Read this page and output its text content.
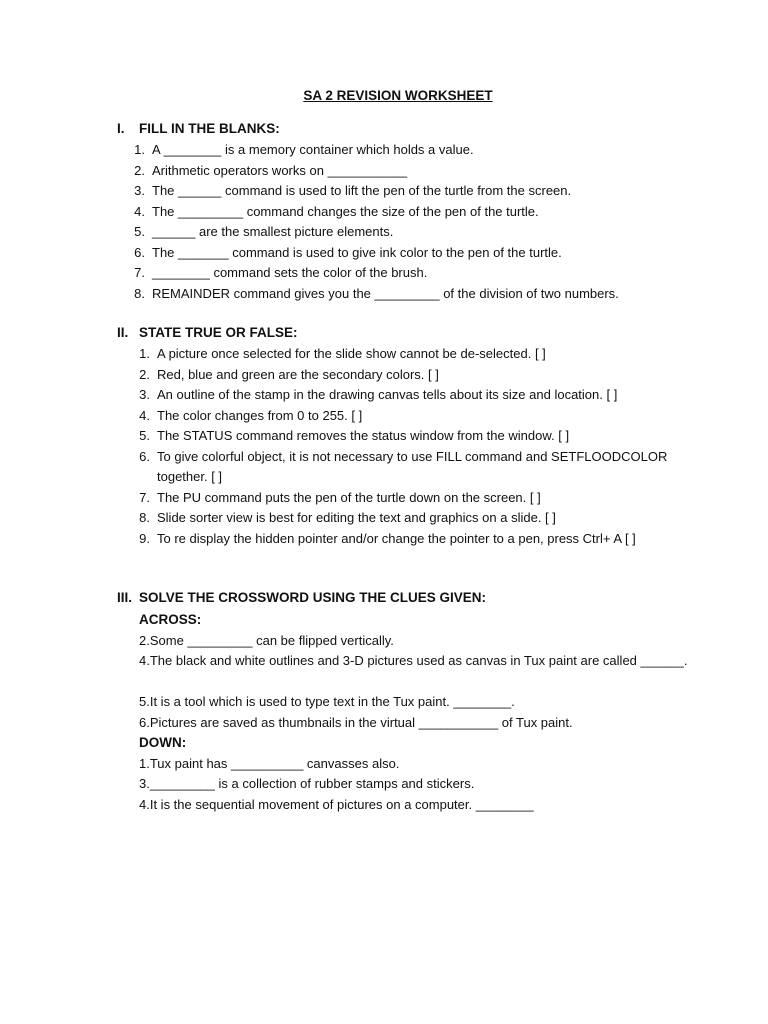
SA 2 REVISION WORKSHEET
I. FILL IN THE BLANKS:
1. A ________ is a memory container which holds a value.
2. Arithmetic operators works on ___________
3. The ______ command is used to lift the pen of the turtle from the screen.
4. The _________ command changes the size of the pen of the turtle.
5. ______ are the smallest picture elements.
6. The _______ command is used to give ink color to the pen of the turtle.
7. ________ command sets the color of the brush.
8. REMAINDER command gives you the _________ of the division of two numbers.
II. STATE TRUE OR FALSE:
1. A picture once selected for the slide show cannot be de-selected. [ ]
2. Red, blue and green are the secondary colors. [ ]
3. An outline of the stamp in the drawing canvas tells about its size and location. [ ]
4. The color changes from 0 to 255. [ ]
5. The STATUS command removes the status window from the window. [ ]
6. To give colorful object, it is not necessary to use FILL command and SETFLOODCOLOR together. [ ]
7. The PU command puts the pen of the turtle down on the screen. [ ]
8. Slide sorter view is best for editing the text and graphics on a slide. [ ]
9. To re display the hidden pointer and/or change the pointer to a pen, press Ctrl+ A [ ]
III. SOLVE THE CROSSWORD USING THE CLUES GIVEN:
ACROSS:
2.Some _________ can be flipped vertically.
4.The black and white outlines and 3-D pictures used as canvas in Tux paint are called ______.
5.It is a tool which is used to type text in the Tux paint. ________.
6.Pictures are saved as thumbnails in the virtual ___________ of Tux paint.
DOWN:
1.Tux paint has __________ canvasses also.
3._________ is a collection of rubber stamps and stickers.
4.It is the sequential movement of pictures on a computer. ________
